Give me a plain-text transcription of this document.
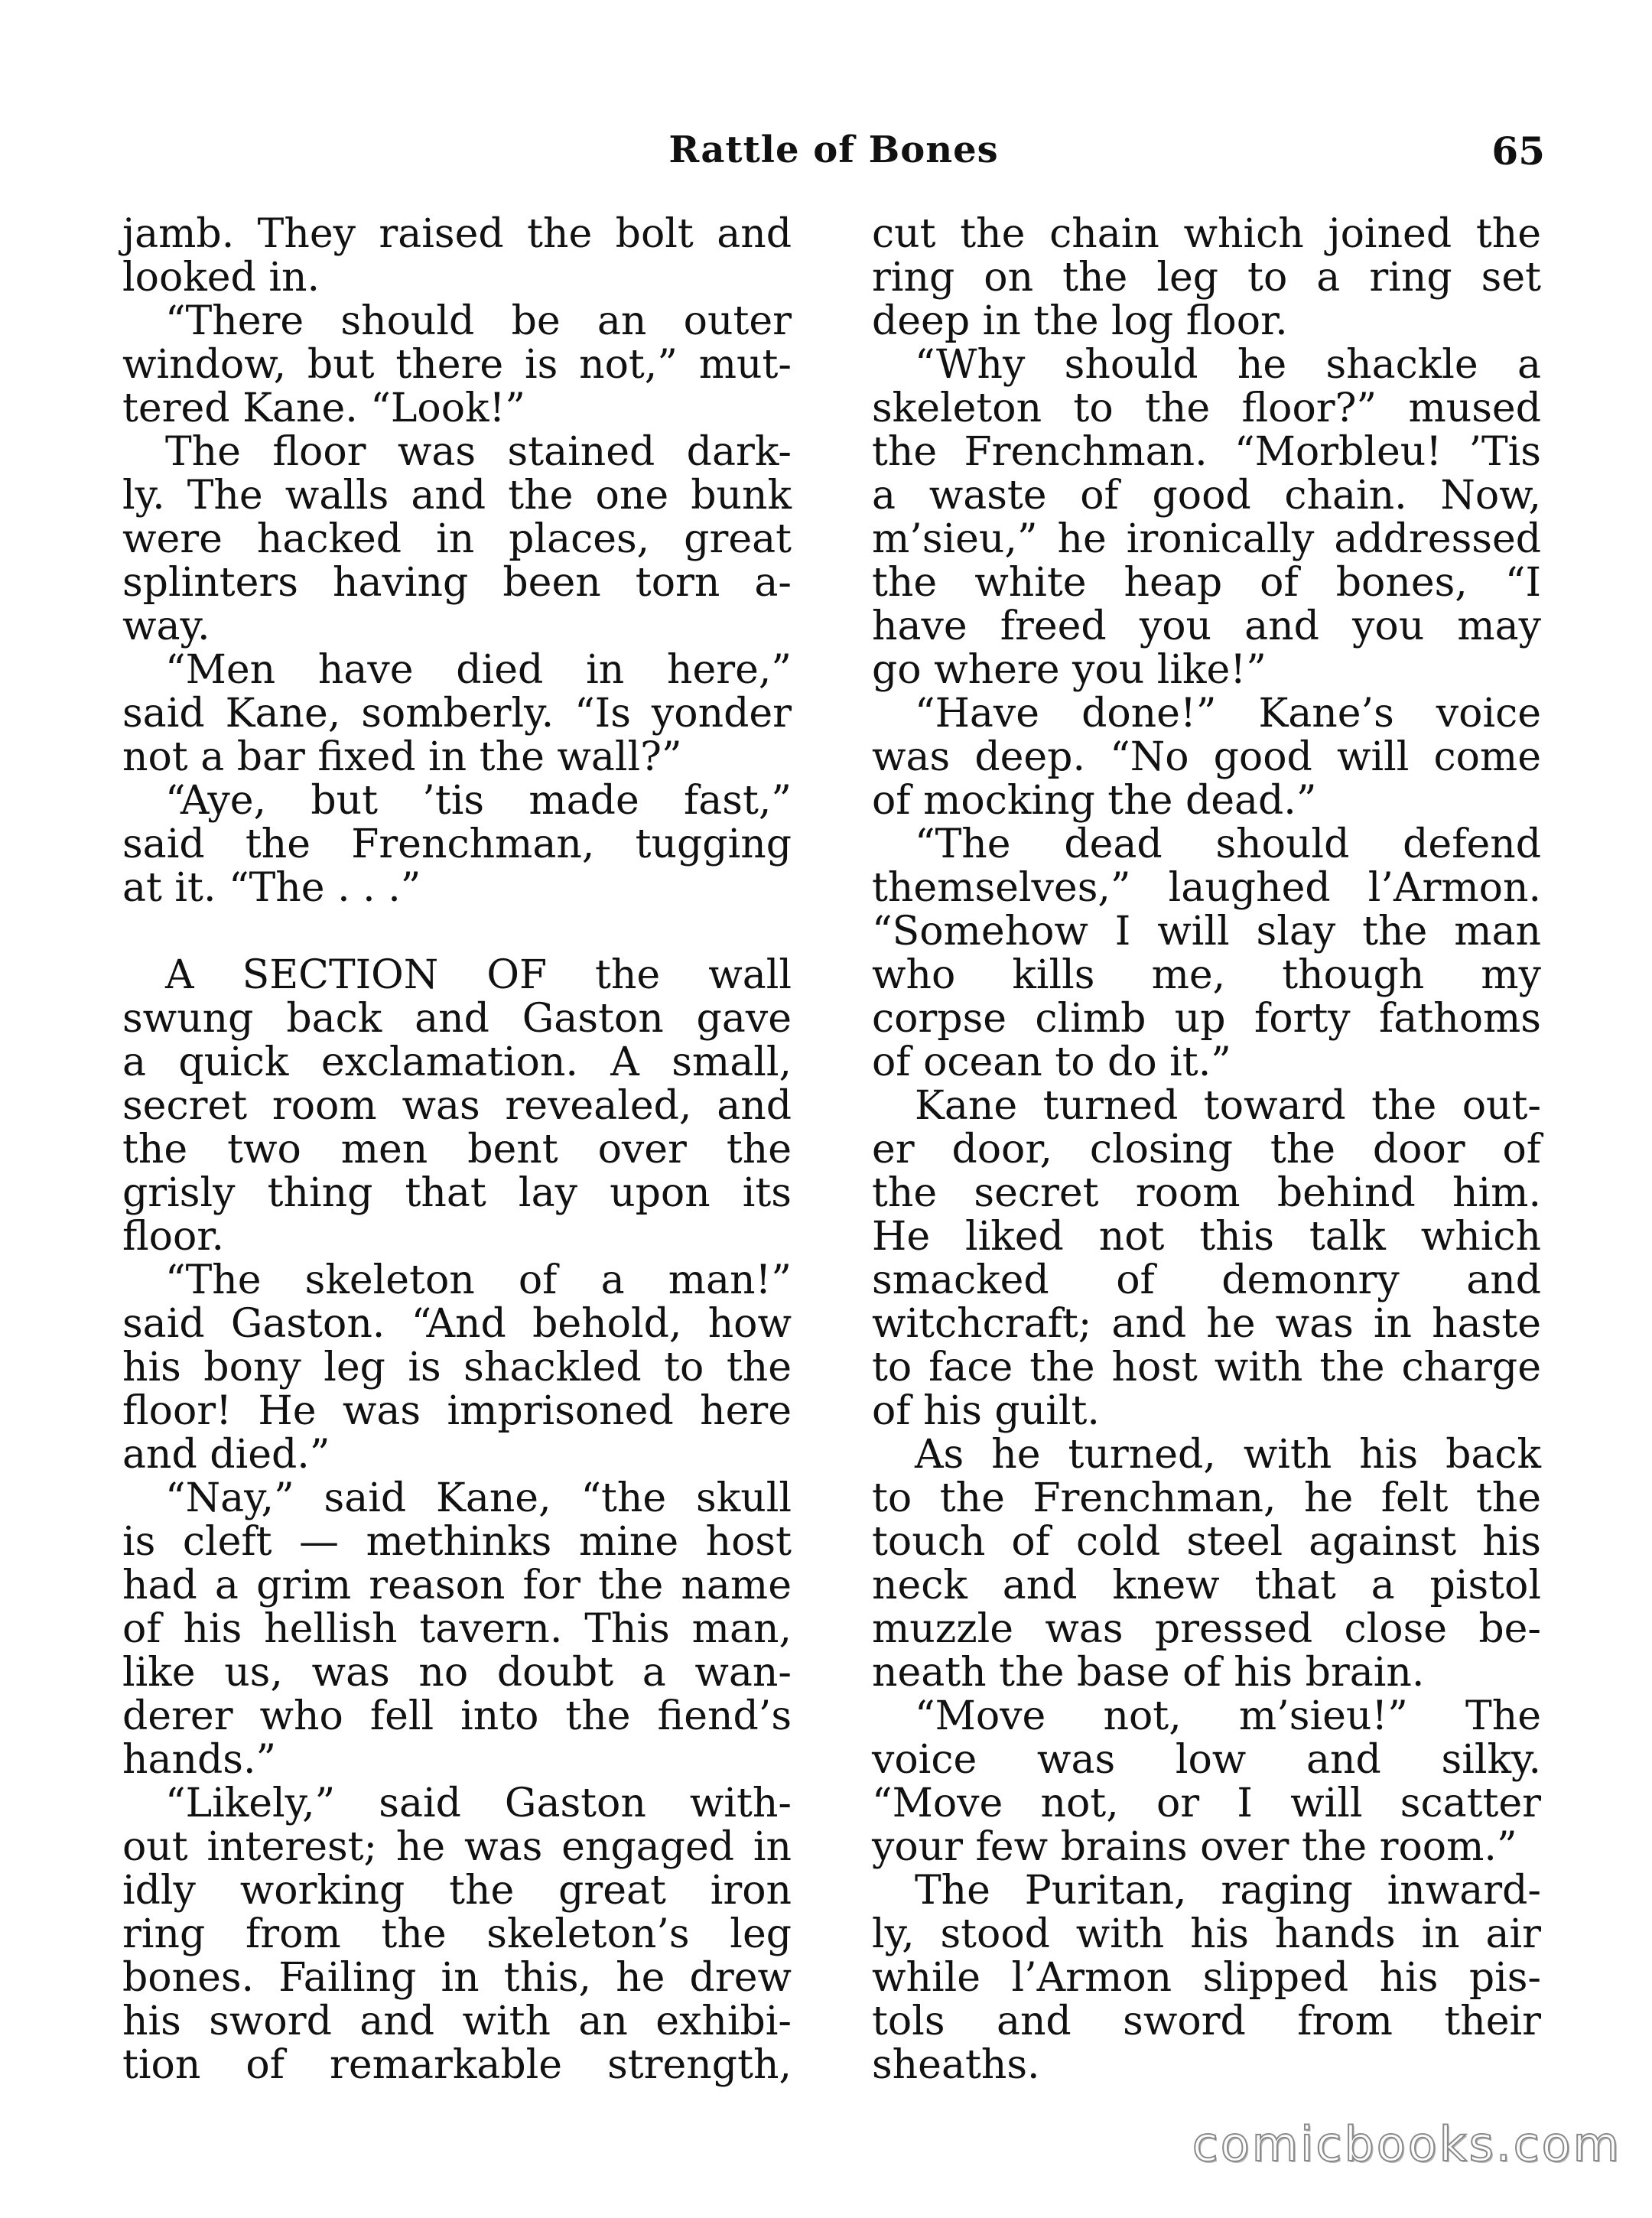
Rattle of Bones	65
jamb. They raised the bolt and
looked in.
“There should be an outer
window, but there is not,” mut-
tered Kane. “Look!”
The floor was stained dark-
ly. The walls and the one bunk
were hacked in places, great
splinters having been torn a-
way.
“Men have died in here,”
said Kane, somberly. “Is yonder
not a bar fixed in the wall?”
“Aye, but ’tis made fast,”
said the Frenchman, tugging
at it. “The . . .”
A SECTION OF the wall
swung back and Gaston gave
a quick exclamation. A small,
secret room was revealed, and
the two men bent over the
grisly thing that lay upon its
floor.
“The skeleton of a man!”
said Gaston. “And behold, how
his bony leg is shackled to the
floor! He was imprisoned here
and died.”
“Nay,” said Kane, “the skull
is cleft — methinks mine host
had a grim reason for the name
of his hellish tavern. This man,
like us, was no doubt a wan-
derer who fell into the fiend’s
hands.”
“Likely,” said Gaston with-
out interest; he was engaged in
idly working the great iron
ring from the skeleton’s leg
bones. Failing in this, he drew
his sword and with an exhibi-
tion of remarkable strength,
cut the chain which joined the
ring on the leg to a ring set
deep in the log floor.
“Why should he shackle a
skeleton to the floor?” mused
the Frenchman. “Morbleu! ’Tis
a waste of good chain. Now,
m’sieu,” he ironically addressed
the white heap of bones, “I
have freed you and you may
go where you like!”
“Have done!” Kane’s voice
was deep. “No good will come
of mocking the dead.”
“The dead should defend
themselves,” laughed l’Armon.
“Somehow I will slay the man
who kills me, though my
corpse climb up forty fathoms
of ocean to do it.”
Kane turned toward the out-
er door, closing the door of
the secret room behind him.
He liked not this talk which
smacked of demonry and
witchcraft; and he was in haste
to face the host with the charge
of his guilt.
As he turned, with his back
to the Frenchman, he felt the
touch of cold steel against his
neck and knew that a pistol
muzzle was pressed close be-
neath the base of his brain.
“Move not, m’sieu!” The
voice was low and silky.
“Move not, or I will scatter
your few brains over the room.”
The Puritan, raging inward-
ly, stood with his hands in air
while l’Armon slipped his pis-
tols and sword from their
sheaths.
comicbooks.com
